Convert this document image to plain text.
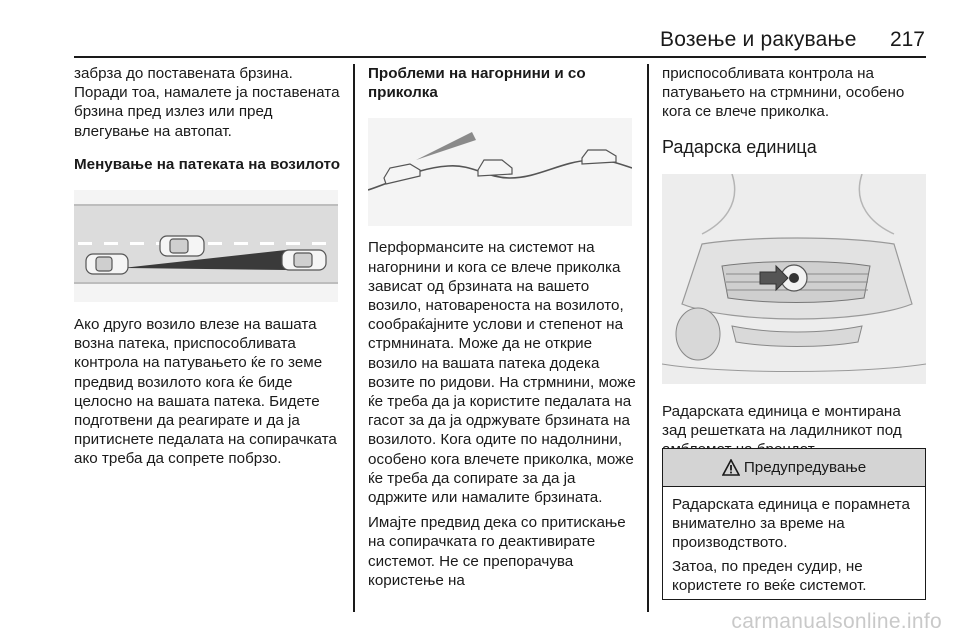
Возење и ракување 217

забрза до поставената брзина. Поради тоа, намалете ја поставената брзина пред излез или пред влегување на автопат.

Менување на патеката на возилото

Ако друго возило влезе на вашата возна патека, приспособливата контрола на патувањето ќе го земе предвид возилото кога ќе биде целосно на вашата патека. Бидете подготвени да реагирате и да ја притиснете педалата на сопирачката ако треба да сопрете побрзо.

Проблеми на нагорнини и со приколка

Перформансите на системот на нагорнини и кога се влече приколка зависат од брзината на вашето возило, натовареноста на возилото, сообраќајните услови и степенот на стрмнината. Може да не открие возило на вашата патека додека возите по ридови. На стрмнини, може ќе треба да ја користите педалата на гасот за да ја одржувате брзината на возилото. Кога одите по надолнини, особено кога влечете приколка, може ќе треба да сопирате за да ја одржите или намалите брзината.

Имајте предвид дека со притискање на сопирачката го деактивирате системот. Не се препорачува користење на

приспособливата контрола на патувањето на стрмнини, особено кога се влече приколка.

Радарска единица

Радарската единица е монтирана зад решетката на ладилникот под

Предупредување

Радарската единица е порамнета внимателно за време на производството.

Затоа, по преден судир, не користете го веќе системот.

carmanualsonline.info
